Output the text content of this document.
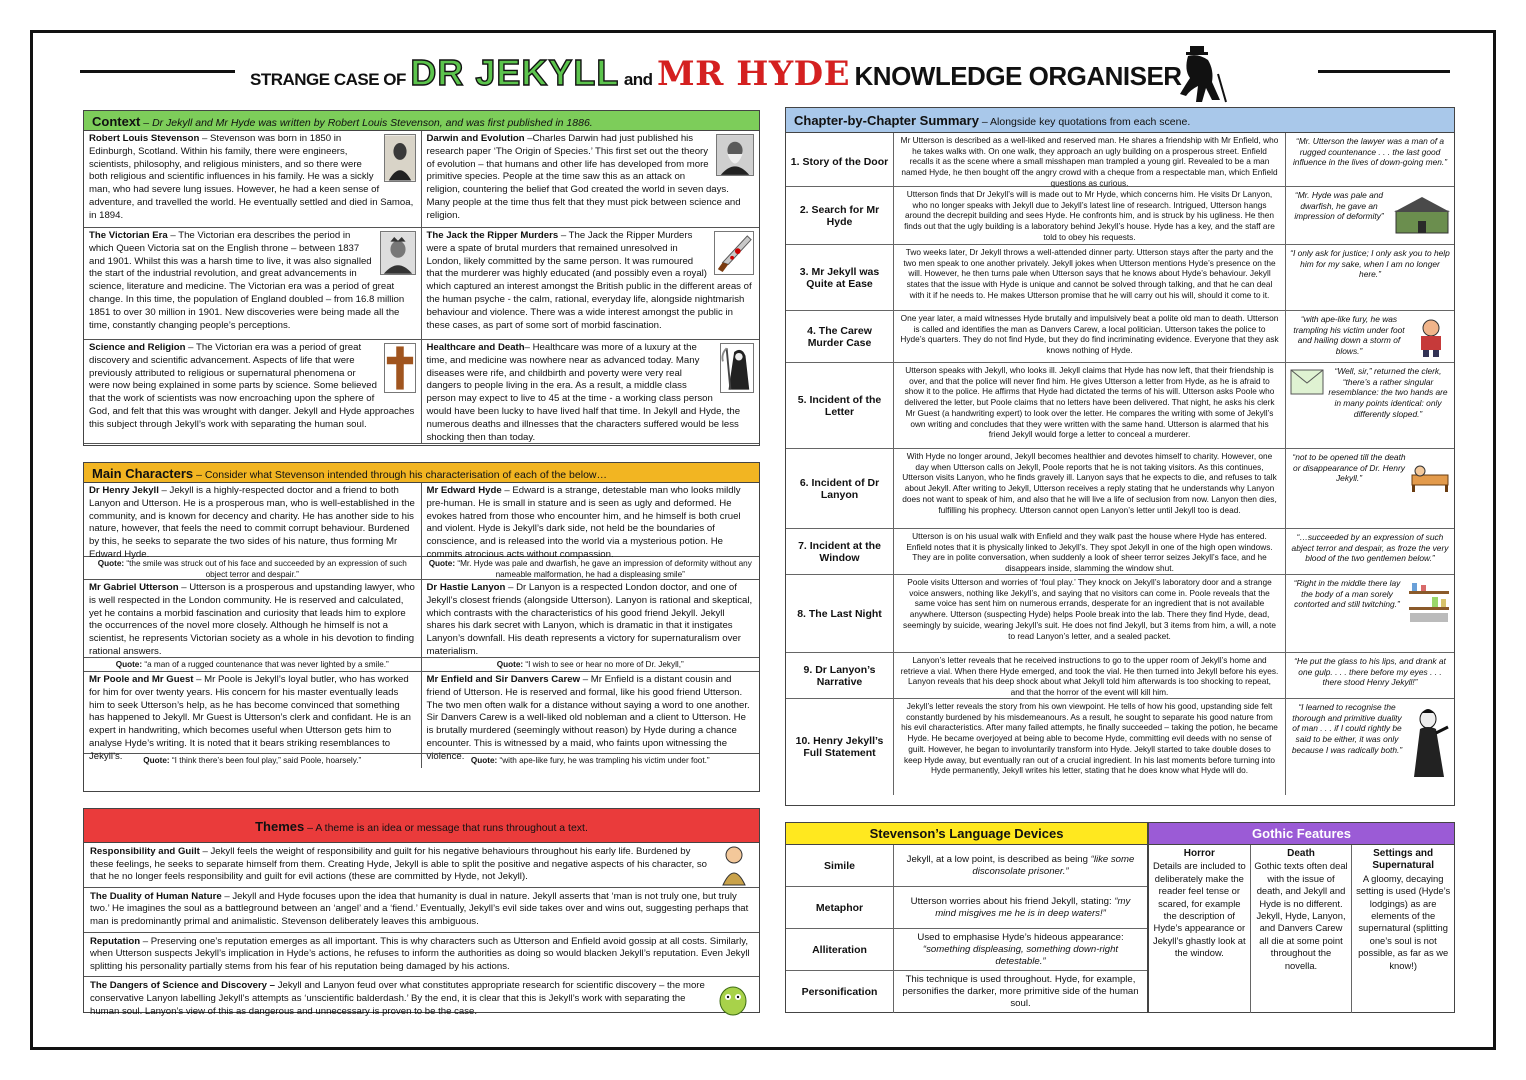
STRANGE CASE OF DR JEKYLL and MR HYDE KNOWLEDGE ORGANISER
Context – Dr Jekyll and Mr Hyde was written by Robert Louis Stevenson, and was first published in 1886.
Robert Louis Stevenson – Stevenson was born in 1850 in Edinburgh, Scotland. Within his family, there were engineers, scientists, philosophy, and religious ministers, and so there were both religious and scientific influences in his family. He was a sickly man, who had severe lung issues. However, he had a keen sense of adventure, and travelled the world. He eventually settled and died in Samoa, in 1894.
Darwin and Evolution –Charles Darwin had just published his research paper ‘The Origin of Species.’ This first set out the theory of evolution – that humans and other life has developed from more primitive species. People at the time saw this as an attack on religion, countering the belief that God created the world in seven days. Many people at the time thus felt that they must pick between science and religion.
The Victorian Era – The Victorian era describes the period in which Queen Victoria sat on the English throne – between 1837 and 1901. Whilst this was a harsh time to live, it was also signalled the start of the industrial revolution, and great advancements in science, literature and medicine. The Victorian era was a period of great change. In this time, the population of England doubled – from 16.8 million 1851 to over 30 million in 1901. New discoveries were being made all the time, constantly changing people’s perceptions.
The Jack the Ripper Murders – The Jack the Ripper Murders were a spate of brutal murders that remained unresolved in London, likely committed by the same person. It was rumoured that the murderer was highly educated (and possibly even a royal) which captured an interest amongst the British public in the different areas of the human psyche - the calm, rational, everyday life, alongside nightmarish behaviour and violence. There was a wide interest amongst the public in these cases, as part of some sort of morbid fascination.
Science and Religion – The Victorian era was a period of great discovery and scientific advancement. Aspects of life that were previously attributed to religious or supernatural phenomena or were now being explained in some parts by science. Some believed that the work of scientists was now encroaching upon the sphere of God, and felt that this was wrought with danger. Jekyll and Hyde approaches this subject through Jekyll’s work with separating the human soul.
Healthcare and Death– Healthcare was more of a luxury at the time, and medicine was nowhere near as advanced today. Many diseases were rife, and childbirth and poverty were very real dangers to people living in the era. As a result, a middle class person may expect to live to 45 at the time - a working class person would have been lucky to have lived half that time. In Jekyll and Hyde, the numerous deaths and illnesses that the characters suffered would be less shocking then than today.
Main Characters – Consider what Stevenson intended through his characterisation of each of the below…
Dr Henry Jekyll – Jekyll is a highly-respected doctor and a friend to both Lanyon and Utterson. He is a prosperous man, who is well-established in the community, and is known for decency and charity. He has another side to his nature, however, that feels the need to commit corrupt behaviour. Burdened by this, he seeks to separate the two sides of his nature, thus forming Mr Edward Hyde.
Mr Edward Hyde – Edward is a strange, detestable man who looks mildly pre-human. He is small in stature and is seen as ugly and deformed. He evokes hatred from those who encounter him, and he himself is both cruel and violent. Hyde is Jekyll’s dark side, not held be the boundaries of conscience, and is released into the world via a mysterious potion. He commits atrocious acts without compassion.
Quote: “the smile was struck out of his face and succeeded by an expression of such object terror and despair.”
Quote: “Mr. Hyde was pale and dwarfish, he gave an impression of deformity without any nameable malformation, he had a displeasing smile”
Mr Gabriel Utterson – Utterson is a prosperous and upstanding lawyer, who is well respected in the London community. He is reserved and calculated, yet he contains a morbid fascination and curiosity that leads him to explore the occurrences of the novel more closely. Although he himself is not a scientist, he represents Victorian society as a whole in his devotion to finding rational answers.
Dr Hastie Lanyon – Dr Lanyon is a respected London doctor, and one of Jekyll’s closest friends (alongside Utterson). Lanyon is rational and skeptical, which contrasts with the characteristics of his good friend Jekyll. Jekyll shares his dark secret with Lanyon, which is dramatic in that it instigates Lanyon’s downfall. His death represents a victory for supernaturalism over materialism.
Quote: “a man of a rugged countenance that was never lighted by a smile.”	Quote: “I wish to see or hear no more of Dr. Jekyll,”
Mr Poole and Mr Guest – Mr Poole is Jekyll’s loyal butler, who has worked for him for over twenty years. His concern for his master eventually leads him to seek Utterson’s help, as he has become convinced that something has happened to Jekyll. Mr Guest is Utterson’s clerk and confidant. He is an expert in handwriting, which becomes useful when Utterson gets him to analyse Hyde’s writing. It is noted that it bears striking resemblances to Jekyll’s.
Mr Enfield and Sir Danvers Carew – Mr Enfield is a distant cousin and friend of Utterson. He is reserved and formal, like his good friend Utterson. The two men often walk for a distance without saying a word to one another. Sir Danvers Carew is a well-liked old nobleman and a client to Utterson. He is brutally murdered (seemingly without reason) by Hyde during a chance encounter. This is witnessed by a maid, who faints upon witnessing the violence.
Quote: “I think there’s been foul play,” said Poole, hoarsely.”	Quote: “with ape-like fury, he was trampling his victim under foot.”
Themes – A theme is an idea or message that runs throughout a text.
Responsibility and Guilt – Jekyll feels the weight of responsibility and guilt for his negative behaviours throughout his early life. Burdened by these feelings, he seeks to separate himself from them. Creating Hyde, Jekyll is able to split the positive and negative aspects of his character, so that he no longer feels responsibility and guilt for evil actions (these are committed by Hyde, not Jekyll).
The Duality of Human Nature – Jekyll and Hyde focuses upon the idea that humanity is dual in nature. Jekyll asserts that ‘man is not truly one, but truly two.’ He imagines the soul as a battleground between an ‘angel’ and a ‘fiend.’ Eventually, Jekyll’s evil side takes over and wins out, suggesting perhaps that man is predominantly primal and animalistic. Stevenson deliberately leaves this ambiguous.
Reputation – Preserving one’s reputation emerges as all important. This is why characters such as Utterson and Enfield avoid gossip at all costs. Similarly, when Utterson suspects Jekyll’s implication in Hyde’s actions, he refuses to inform the authorities as doing so would blacken Jekyll’s reputation. Even Jekyll splitting his personality partially stems from his fear of his reputation being damaged by his actions.
The Dangers of Science and Discovery – Jekyll and Lanyon feud over what constitutes appropriate research for scientific discovery – the more conservative Lanyon labelling Jekyll’s attempts as ‘unscientific balderdash.’ By the end, it is clear that this is Jekyll’s work with separating the human soul. Lanyon’s view of this as dangerous and unnecessary is proven to be the case.
Chapter-by-Chapter Summary – Alongside key quotations from each scene.
1. Story of the Door
Mr Utterson is described as a well-liked and reserved man. He shares a friendship with Mr Enfield, who he takes walks with. On one walk, they approach an ugly building on a prosperous street. Enfield recalls it as the scene where a small misshapen man trampled a young girl. Revealed to be a man named Hyde, he then bought off the angry crowd with a cheque from a respectable man, which Enfield questions as curious.
“Mr. Utterson the lawyer was a man of a rugged countenance . . . the last good influence in the lives of down-going men.”
2. Search for Mr Hyde
Utterson finds that Dr Jekyll’s will is made out to Mr Hyde, which concerns him. He visits Dr Lanyon, who no longer speaks with Jekyll due to Jekyll’s latest line of research. Intrigued, Utterson hangs around the decrepit building and sees Hyde. He confronts him, and is struck by his ugliness. He then finds out that the ugly building is a laboratory behind Jekyll’s house. Hyde has a key, and the staff are told to obey his requests.
“Mr. Hyde was pale and dwarfish, he gave an impression of deformity”
3. Mr Jekyll was Quite at Ease
Two weeks later, Dr Jekyll throws a well-attended dinner party. Utterson stays after the party and the two men speak to one another privately. Jekyll jokes when Utterson mentions Hyde’s presence on the will. However, he then turns pale when Utterson says that he knows about Hyde’s behaviour. Jekyll states that the issue with Hyde is unique and cannot be solved through talking, and that he can deal with it if he needs to. He makes Utterson promise that he will carry out his will, should it come to it.
“I only ask for justice; I only ask you to help him for my sake, when I am no longer here.”
4. The Carew Murder Case
One year later, a maid witnesses Hyde brutally and impulsively beat a polite old man to death. Utterson is called and identifies the man as Danvers Carew, a local politician. Utterson takes the police to Hyde’s quarters. They do not find Hyde, but they do find incriminating evidence. Everyone that they ask knows nothing of Hyde.
“with ape-like fury, he was trampling his victim under foot and hailing down a storm of blows.”
5. Incident of the Letter
Utterson speaks with Jekyll, who looks ill. Jekyll claims that Hyde has now left, that their friendship is over, and that the police will never find him. He gives Utterson a letter from Hyde, as he is afraid to show it to the police. He affirms that Hyde had dictated the terms of his will. Utterson asks Poole who delivered the letter, but Poole claims that no letters have been delivered. That night, he asks his clerk Mr Guest (a handwriting expert) to look over the letter. He compares the writing with some of Jekyll’s own writing and concludes that they were written with the same hand. Utterson is alarmed that his friend Jekyll would forge a letter to conceal a murderer.
“Well, sir,” returned the clerk, “there’s a rather singular resemblance: the two hands are in many points identical: only differently sloped.”
6. Incident of Dr Lanyon
With Hyde no longer around, Jekyll becomes healthier and devotes himself to charity. However, one day when Utterson calls on Jekyll, Poole reports that he is not taking visitors. As this continues, Utterson visits Lanyon, who he finds gravely ill. Lanyon says that he expects to die, and refuses to talk about Jekyll. After writing to Jekyll, Utterson receives a reply stating that he understands why Lanyon does not want to speak of him, and also that he will live a life of seclusion from now. Lanyon then dies, fulfilling his prophecy. Utterson cannot open Lanyon’s letter until Jekyll too is dead.
“not to be opened till the death or disappearance of Dr. Henry Jekyll.”
7. Incident at the Window
Utterson is on his usual walk with Enfield and they walk past the house where Hyde has entered. Enfield notes that it is physically linked to Jekyll’s. They spot Jekyll in one of the high open windows. They are in polite conversation, when suddenly a look of sheer terror seizes Jekyll’s face, and he disappears inside, slamming the window shut.
“…succeeded by an expression of such abject terror and despair, as froze the very blood of the two gentlemen below.”
8. The Last Night
Poole visits Utterson and worries of ‘foul play.’ They knock on Jekyll’s laboratory door and a strange voice answers, nothing like Jekyll’s, and saying that no visitors can come in. Poole reveals that the same voice has sent him on numerous errands, desperate for an ingredient that is not available anywhere. Utterson (suspecting Hyde) helps Poole break into the lab. There they find Hyde, dead, seemingly by suicide, wearing Jekyll’s suit. He does not find Jekyll, but 3 items from him, a will, a note to read Lanyon’s letter, and a sealed packet.
“Right in the middle there lay the body of a man sorely contorted and still twitching.”
9. Dr Lanyon’s Narrative
Lanyon’s letter reveals that he received instructions to go to the upper room of Jekyll’s home and retrieve a vial. When there Hyde emerged, and took the vial. He then turned into Jekyll before his eyes. Lanyon reveals that his deep shock about what Jekyll told him afterwards is too shocking to repeat, and that the horror of the event will kill him.
“He put the glass to his lips, and drank at one gulp. . . . there before my eyes . . . there stood Henry Jekyll!”
10. Henry Jekyll’s Full Statement
Jekyll’s letter reveals the story from his own viewpoint. He tells of how his good, upstanding side felt constantly burdened by his misdemeanours. As a result, he sought to separate his good nature from his evil characteristics. After many failed attempts, he finally succeeded – taking the potion, he became Hyde. He became overjoyed at being able to become Hyde, committing evil deeds with no sense of guilt. However, he began to involuntarily transform into Hyde. Jekyll started to take double doses to keep Hyde away, but eventually ran out of a crucial ingredient. In his last moments before turning into Hyde permanently, Jekyll writes his letter, stating that he does know what Hyde will do.
“I learned to recognise the thorough and primitive duality of man . . . if I could rightly be said to be either, it was only because I was radically both.”
Stevenson’s Language Devices
Simile
Jekyll, at a low point, is described as being “like some disconsolate prisoner.”
Metaphor
Utterson worries about his friend Jekyll, stating: “my mind misgives me he is in deep waters!”
Alliteration
Used to emphasise Hyde’s hideous appearance: “something displeasing, something down-right detestable.”
Personification
This technique is used throughout. Hyde, for example, personifies the darker, more primitive side of the human soul.
Gothic Features
Horror
Details are included to deliberately make the reader feel tense or scared, for example the description of Hyde’s appearance or Jekyll’s ghastly look at the window.
Death
Gothic texts often deal with the issue of death, and Jekyll and Hyde is no different. Jekyll, Hyde, Lanyon, and Danvers Carew all die at some point throughout the novella.
Settings and Supernatural
A gloomy, decaying setting is used (Hyde’s lodgings) as are elements of the supernatural (splitting one’s soul is not possible, as far as we know!)
